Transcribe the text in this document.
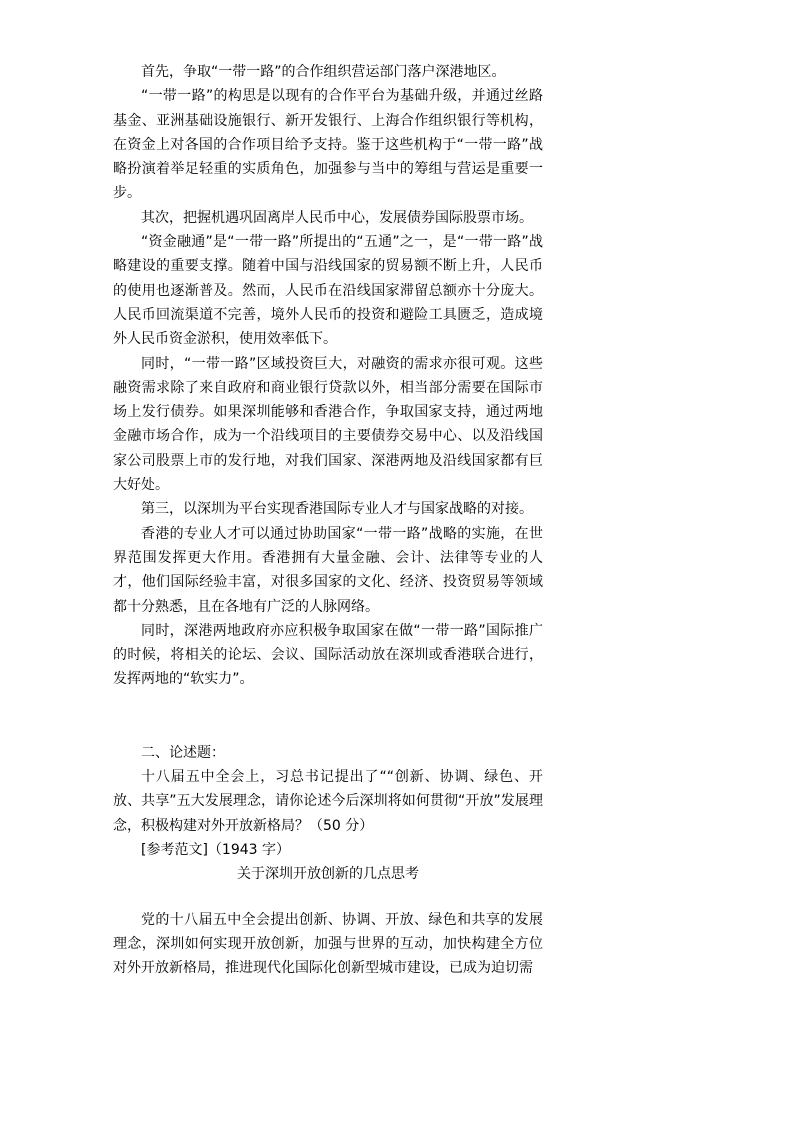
首先，争取“一带一路”的合作组织营运部门落户深港地区。

“一带一路”的构思是以现有的合作平台为基础升级，并通过丝路基金、亚洲基础设施银行、新开发银行、上海合作组织银行等机构，在资金上对各国的合作项目给予支持。鉴于这些机构于“一带一路”战略扮演着举足轻重的实质角色，加强参与当中的筹组与营运是重要一步。

其次，把握机遇巩固离岸人民币中心，发展债券国际股票市场。

“资金融通”是“一带一路”所提出的“五通”之一，是“一带一路”战略建设的重要支撑。随着中国与沿线国家的贸易额不断上升，人民币的使用也逐渐普及。然而，人民币在沿线国家滞留总额亦十分庞大。人民币回流渠道不完善，境外人民币的投资和避险工具匮乏，造成境外人民币资金淤积，使用效率低下。

同时，“一带一路”区域投资巨大，对融资的需求亦很可观。这些融资需求除了来自政府和商业银行贷款以外，相当部分需要在国际市场上发行债券。如果深圳能够和香港合作，争取国家支持，通过两地金融市场合作，成为一个沿线项目的主要债券交易中心、以及沿线国家公司股票上市的发行地，对我们国家、深港两地及沿线国家都有巨大好处。

第三，以深圳为平台实现香港国际专业人才与国家战略的对接。

香港的专业人才可以通过协助国家“一带一路”战略的实施，在世界范围发挥更大作用。香港拥有大量金融、会计、法律等专业的人才，他们国际经验丰富，对很多国家的文化、经济、投资贸易等领域都十分熟悉，且在各地有广泛的人脉网络。

同时，深港两地政府亦应积极争取国家在做“一带一路”国际推广的时候，将相关的论坛、会议、国际活动放在深圳或香港联合进行，发挥两地的“软实力”。

二、论述题：

十八届五中全会上，习总书记提出了““创新、协调、绿色、开放、共享”五大发展理念，请你论述今后深圳将如何贯彻“开放”发展理念，积极构建对外开放新格局？（50 分）

[参考范文]（1943 字）

关于深圳开放创新的几点思考

党的十八届五中全会提出创新、协调、开放、绿色和共享的发展理念，深圳如何实现开放创新，加强与世界的互动，加快构建全方位对外开放新格局，推进现代化国际化创新型城市建设，已成为迫切需
